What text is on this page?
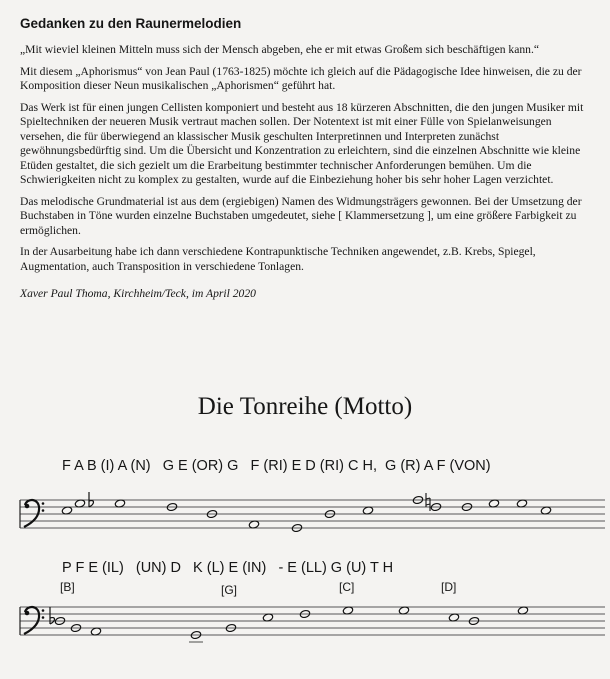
Gedanken zu den Raunermelodien

„Mit wieviel kleinen Mitteln muss sich der Mensch abgeben, ehe er mit etwas Großem sich beschäftigen kann.“

Mit diesem „Aphorismus“ von Jean Paul (1763-1825) möchte ich gleich auf die Pädagogische Idee hinweisen, die zu der Komposition dieser Neun musikalischen „Aphorismen“ geführt hat.

Das Werk ist für einen jungen Cellisten komponiert und besteht aus 18 kürzeren Abschnitten, die den jungen Musiker mit Spieltechniken der neueren Musik vertraut machen sollen. Der Notentext ist mit einer Fülle von Spielanweisungen versehen, die für überwiegend an klassischer Musik geschulten Interpretinnen und Interpreten zunächst gewöhnungsbedürftig sind. Um die Übersicht und Konzentration zu erleichtern, sind die einzelnen Abschnitte wie kleine Etüden gestaltet, die sich gezielt um die Erarbeitung bestimmter technischer Anforderungen bemühen. Um die Schwierigkeiten nicht zu komplex zu gestalten, wurde auf die Einbeziehung hoher bis sehr hoher Lagen verzichtet.

Das melodische Grundmaterial ist aus dem (ergiebigen) Namen des Widmungsträgers gewonnen. Bei der Umsetzung der Buchstaben in Töne wurden einzelne Buchstaben umgedeutet, siehe [ Klammersetzung ], um eine größere Farbigkeit zu ermöglichen.

In der Ausarbeitung habe ich dann verschiedene Kontrapunktische Techniken angewendet, z.B. Krebs, Spiegel, Augmentation, auch Transposition in verschiedene Tonlagen.

Xaver Paul Thoma, Kirchheim/Teck, im April 2020
Die Tonreihe (Motto)
F A B (I) A (N)   G E (OR) G   F (RI) E D (RI) C H,  G (R) A F (VON)
P F E (IL)   (UN) D   K (L) E (IN)   - E (LL) G (U) T H
[B]	[G]	[C]	[D]
